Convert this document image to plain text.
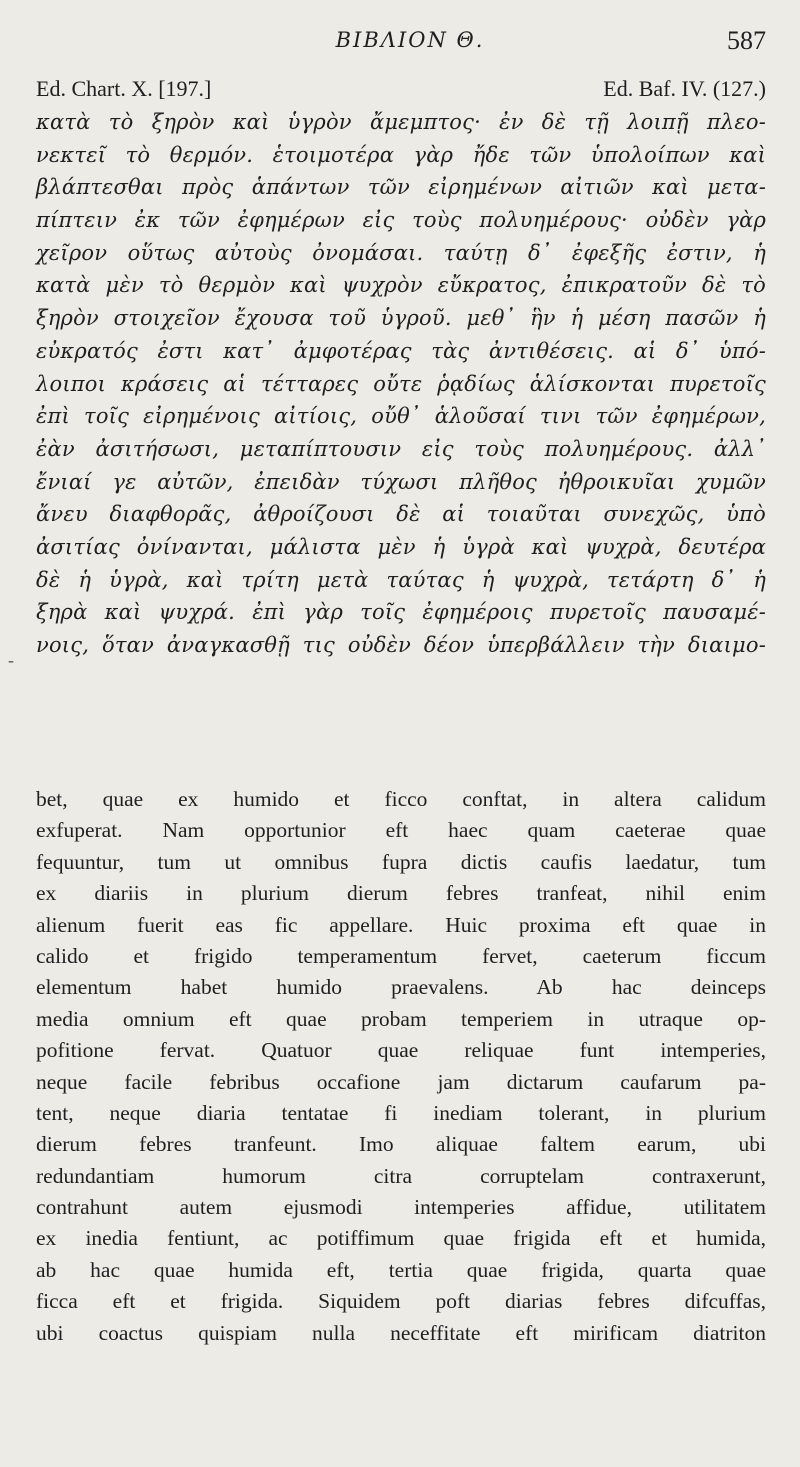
ΒΙΒΛΙΟΝ Θ.	587
Ed. Chart. X. [197.]	Ed. Baf. IV. (127.)
κατὰ τὸ ξηρὸν καὶ ὑγρὸν ἄμεμπτος· ἐν δὲ τῇ λοιπῇ πλεο-
νεκτεῖ τὸ θερμόν. ἑτοιμοτέρα γὰρ ἤδε τῶν ὑπολοίπων καὶ
βλάπτεσθαι πρὸς ἁπάντων τῶν εἰρημένων αἰτιῶν καὶ μετα-
πίπτειν ἐκ τῶν ἐφημέρων εἰς τοὺς πολυημέρους· οὐδὲν γὰρ
χεῖρον οὕτως αὐτοὺς ὀνομάσαι. ταύτῃ δ᾽ ἐφεξῆς ἐστιν, ἡ
κατὰ μὲν τὸ θερμὸν καὶ ψυχρὸν εὔκρατος, ἐπικρατοῦν δὲ τὸ
ξηρὸν στοιχεῖον ἔχουσα τοῦ ὑγροῦ. μεθ᾽ ἣν ἡ μέση πασῶν ἡ
εὐκρατός ἐστι κατ᾽ ἀμφοτέρας τὰς ἀντιθέσεις. αἱ δ᾽ ὑπό-
λοιποι κράσεις αἱ τέτταρες οὔτε ῥᾳδίως ἁλίσκονται πυρετοῖς
ἐπὶ τοῖς εἰρημένοις αἰτίοις, οὔθ᾽ ἁλοῦσαί τινι τῶν ἐφημέρων,
ἐὰν ἀσιτήσωσι, μεταπίπτουσιν εἰς τοὺς πολυημέρους. ἀλλ᾽
ἔνιαί γε αὐτῶν, ἐπειδὰν τύχωσι πλῆθος ἠθροικυῖαι χυμῶν
ἄνευ διαφθορᾶς, ἀθροίζουσι δὲ αἱ τοιαῦται συνεχῶς, ὑπὸ
ἀσιτίας ὀνίνανται, μάλιστα μὲν ἡ ὑγρὰ καὶ ψυχρὰ, δευτέρα
δὲ ἡ ὑγρὰ, καὶ τρίτη μετὰ ταύτας ἡ ψυχρὰ, τετάρτη δ᾽ ἡ
ξηρὰ καὶ ψυχρά. ἐπὶ γὰρ τοῖς ἐφημέροις πυρετοῖς παυσαμέ-
νοις, ὅταν ἀναγκασθῇ τις οὐδὲν δέον ὑπερβάλλειν τὴν διαιμο-
-
bet, quae ex humido et ficco conftat, in altera calidum
exfuperat. Nam opportunior eft haec quam caeterae quae
fequuntur, tum ut omnibus fupra dictis caufis laedatur, tum
ex diariis in plurium dierum febres tranfeat, nihil enim
alienum fuerit eas fic appellare. Huic proxima eft quae in
calido et frigido temperamentum fervet, caeterum ficcum
elementum habet humido praevalens. Ab hac deinceps
media omnium eft quae probam temperiem in utraque op-
pofitione fervat. Quatuor quae reliquae funt intemperies,
neque facile febribus occafione jam dictarum caufarum pa-
tent, neque diaria tentatae fi inediam tolerant, in plurium
dierum febres tranfeunt. Imo aliquae faltem earum, ubi
redundantiam humorum citra corruptelam contraxerunt,
contrahunt autem ejusmodi intemperies affidue, utilitatem
ex inedia fentiunt, ac potiffimum quae frigida eft et humida,
ab hac quae humida eft, tertia quae frigida, quarta quae
ficca eft et frigida. Siquidem poft diarias febres difcuffas,
ubi coactus quispiam nulla neceffitate eft mirificam diatriton
